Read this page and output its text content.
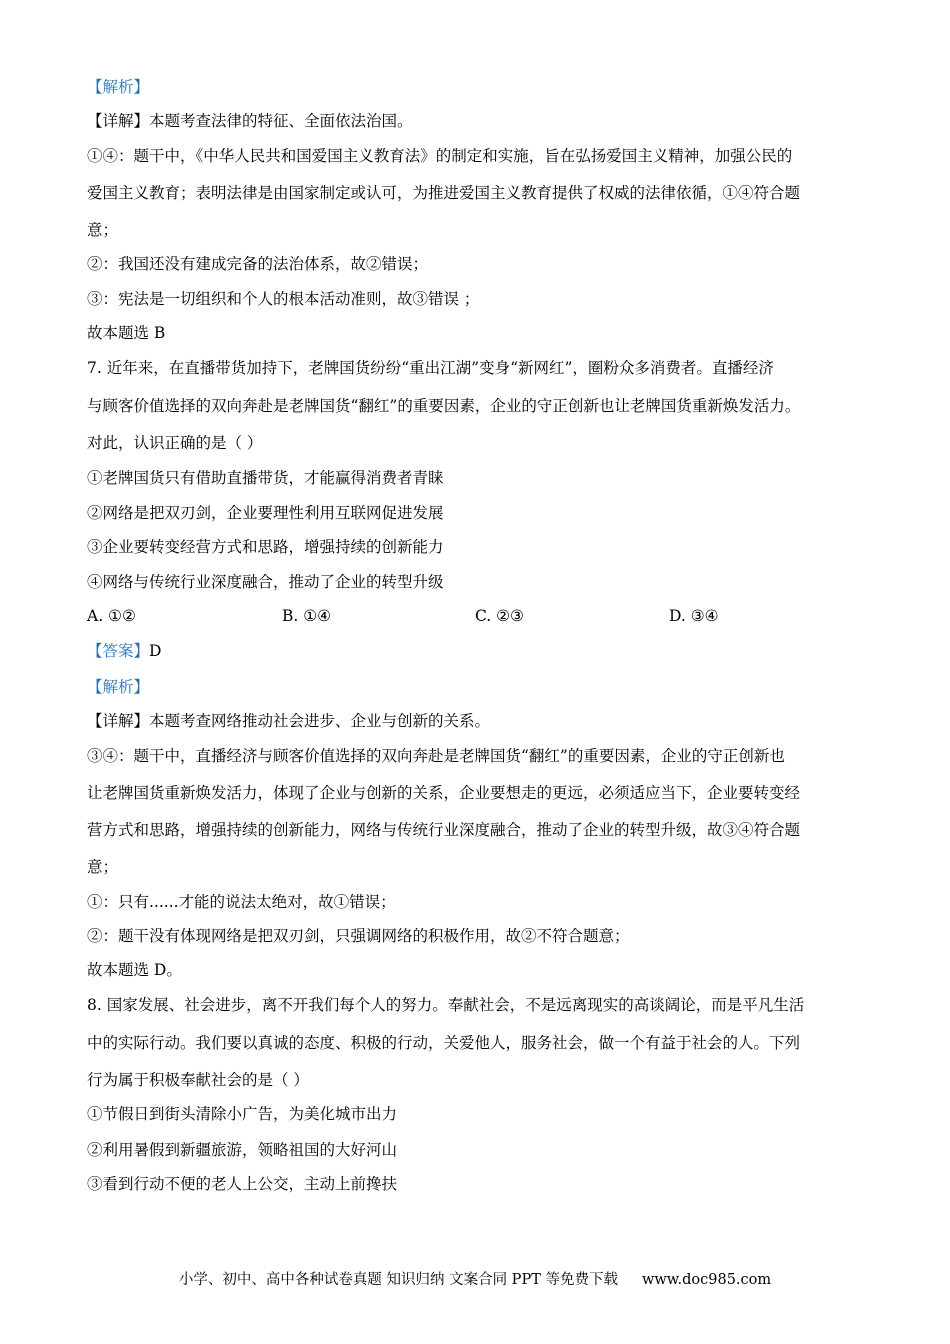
【解析】
【详解】本题考查法律的特征、全面依法治国。
①④：题干中，《中华人民共和国爱国主义教育法》的制定和实施，旨在弘扬爱国主义精神，加强公民的
爱国主义教育；表明法律是由国家制定或认可，为推进爱国主义教育提供了权威的法律依循，①④符合题
意；
②：我国还没有建成完备的法治体系，故②错误；
③：宪法是一切组织和个人的根本活动准则，故③错误 ；
故本题选 B
7. 近年来，在直播带货加持下，老牌国货纷纷“重出江湖”变身“新网红”，圈粉众多消费者。直播经济
与顾客价值选择的双向奔赴是老牌国货“翻红”的重要因素，企业的守正创新也让老牌国货重新焕发活力。
对此，认识正确的是（ ）
①老牌国货只有借助直播带货，才能赢得消费者青睐
②网络是把双刃剑，企业要理性利用互联网促进发展
③企业要转变经营方式和思路，增强持续的创新能力
④网络与传统行业深度融合，推动了企业的转型升级
A. ①②	B. ①④	C. ②③	D. ③④
【答案】D
【解析】
【详解】本题考查网络推动社会进步、企业与创新的关系。
③④：题干中，直播经济与顾客价值选择的双向奔赴是老牌国货“翻红”的重要因素，企业的守正创新也
让老牌国货重新焕发活力，体现了企业与创新的关系，企业要想走的更远，必须适应当下，企业要转变经
营方式和思路，增强持续的创新能力，网络与传统行业深度融合，推动了企业的转型升级，故③④符合题
意；
①：只有......才能的说法太绝对，故①错误；
②：题干没有体现网络是把双刃剑，只强调网络的积极作用，故②不符合题意；
故本题选 D。
8. 国家发展、社会进步，离不开我们每个人的努力。奉献社会，不是远离现实的高谈阔论，而是平凡生活
中的实际行动。我们要以真诚的态度、积极的行动，关爱他人，服务社会，做一个有益于社会的人。下列
行为属于积极奉献社会的是（ ）
①节假日到街头清除小广告，为美化城市出力
②利用暑假到新疆旅游，领略祖国的大好河山
③看到行动不便的老人上公交，主动上前搀扶
小学、初中、高中各种试卷真题 知识归纳 文案合同 PPT 等免费下载 www.doc985.com
